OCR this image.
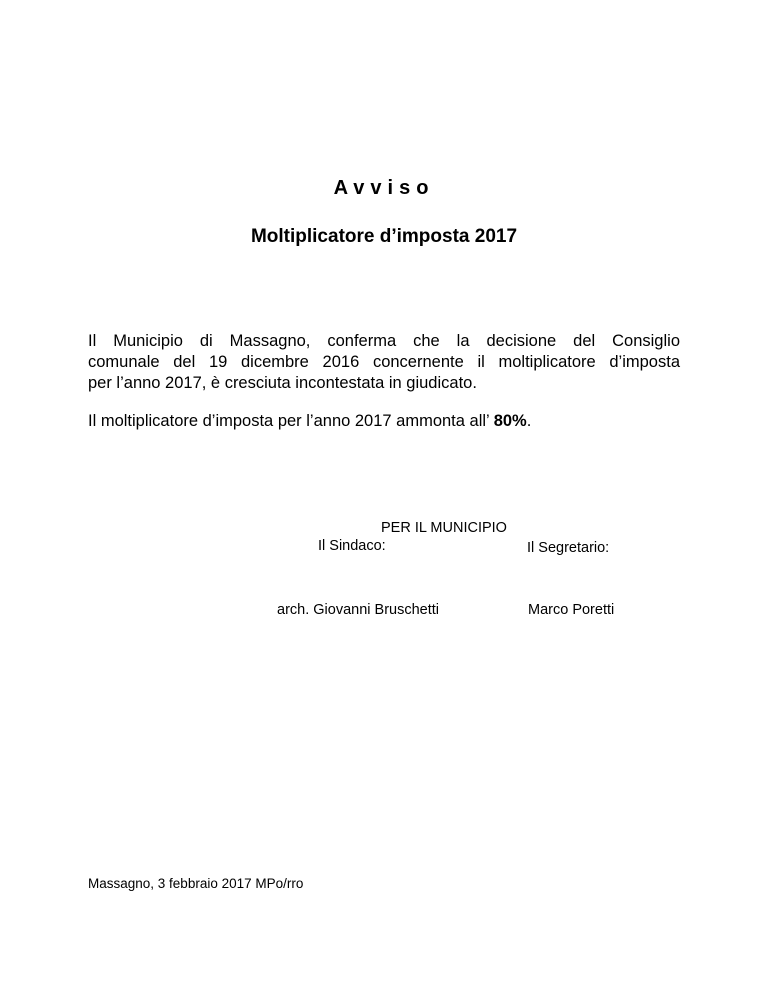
Avviso
Moltiplicatore d’imposta 2017
Il Municipio di Massagno, conferma che la decisione del Consiglio
comunale del 19 dicembre 2016 concernente il moltiplicatore d’imposta
per l’anno 2017, è cresciuta incontestata in giudicato.
Il moltiplicatore d’imposta per l’anno 2017 ammonta all’ 80%.
PER IL MUNICIPIO
Il Sindaco:	Il Segretario:
arch. Giovanni Bruschetti	Marco Poretti
Massagno, 3 febbraio 2017 MPo/rro
